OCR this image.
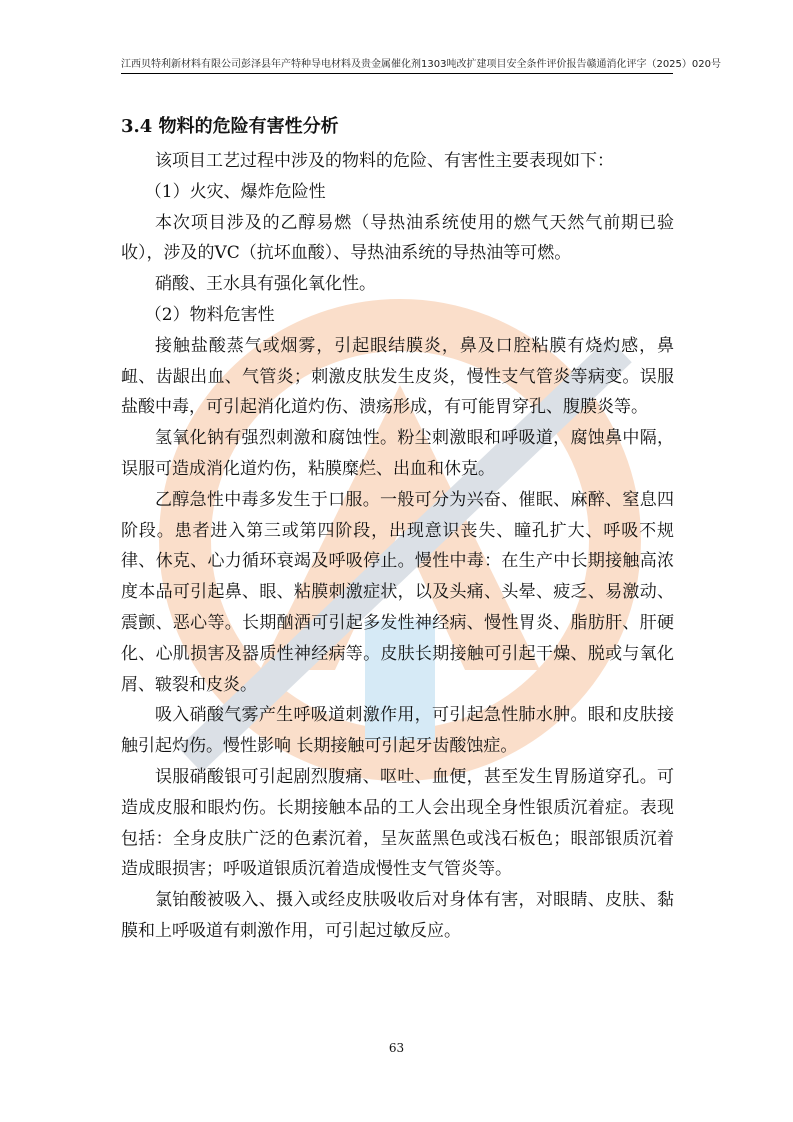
江西贝特利新材料有限公司彭泽县年产特种导电材料及贵金属催化剂1303吨改扩建项目安全条件评价报告 赣通消化评字（2025）020号
3.4 物料的危险有害性分析

该项目工艺过程中涉及的物料的危险、有害性主要表现如下：

（1）火灾、爆炸危险性

本次项目涉及的乙醇易燃（导热油系统使用的燃气天然气前期已验收），涉及的VC（抗坏血酸）、导热油系统的导热油等可燃。

硝酸、王水具有强化氧化性。

（2）物料危害性

接触盐酸蒸气或烟雾，引起眼结膜炎，鼻及口腔粘膜有烧灼感，鼻衄、齿龈出血、气管炎；刺激皮肤发生皮炎，慢性支气管炎等病变。误服盐酸中毒，可引起消化道灼伤、溃疡形成，有可能胃穿孔、腹膜炎等。

氢氧化钠有强烈刺激和腐蚀性。粉尘刺激眼和呼吸道，腐蚀鼻中隔，误服可造成消化道灼伤，粘膜糜烂、出血和休克。

乙醇急性中毒多发生于口服。一般可分为兴奋、催眠、麻醉、窒息四阶段。患者进入第三或第四阶段，出现意识丧失、瞳孔扩大、呼吸不规律、休克、心力循环衰竭及呼吸停止。慢性中毒：在生产中长期接触高浓度本品可引起鼻、眼、粘膜刺激症状，以及头痛、头晕、疲乏、易激动、震颤、恶心等。长期酗酒可引起多发性神经病、慢性胃炎、脂肪肝、肝硬化、心肌损害及器质性神经病等。皮肤长期接触可引起干燥、脱或与氧化屑、皲裂和皮炎。

吸入硝酸气雾产生呼吸道刺激作用，可引起急性肺水肿。眼和皮肤接触引起灼伤。慢性影响 长期接触可引起牙齿酸蚀症。

误服硝酸银可引起剧烈腹痛、呕吐、血便，甚至发生胃肠道穿孔。可造成皮服和眼灼伤。长期接触本品的工人会出现全身性银质沉着症。表现包括：全身皮肤广泛的色素沉着，呈灰蓝黑色或浅石板色；眼部银质沉着造成眼损害；呼吸道银质沉着造成慢性支气管炎等。

氯铂酸被吸入、摄入或经皮肤吸收后对身体有害，对眼睛、皮肤、黏膜和上呼吸道有刺激作用，可引起过敏反应。

63
